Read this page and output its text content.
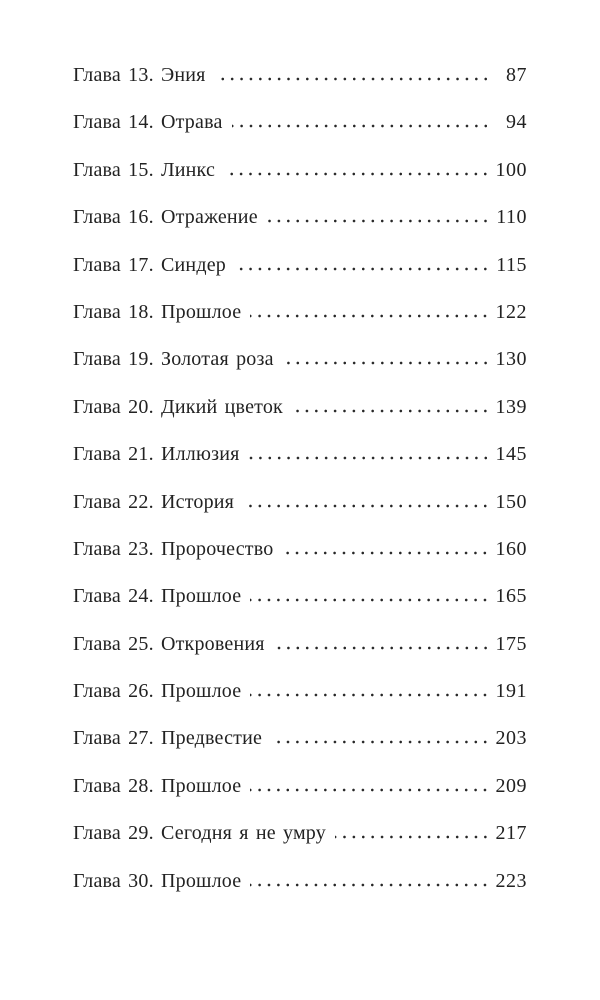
Глава 13. Эния	87
Глава 14. Отрава	94
Глава 15. Линкс	100
Глава 16. Отражение	110
Глава 17. Синдер	115
Глава 18. Прошлое	122
Глава 19. Золотая роза	130
Глава 20. Дикий цветок	139
Глава 21. Иллюзия	145
Глава 22. История	150
Глава 23. Пророчество	160
Глава 24. Прошлое	165
Глава 25. Откровения	175
Глава 26. Прошлое	191
Глава 27. Предвестие	203
Глава 28. Прошлое	209
Глава 29. Сегодня я не умру	217
Глава 30. Прошлое	223
